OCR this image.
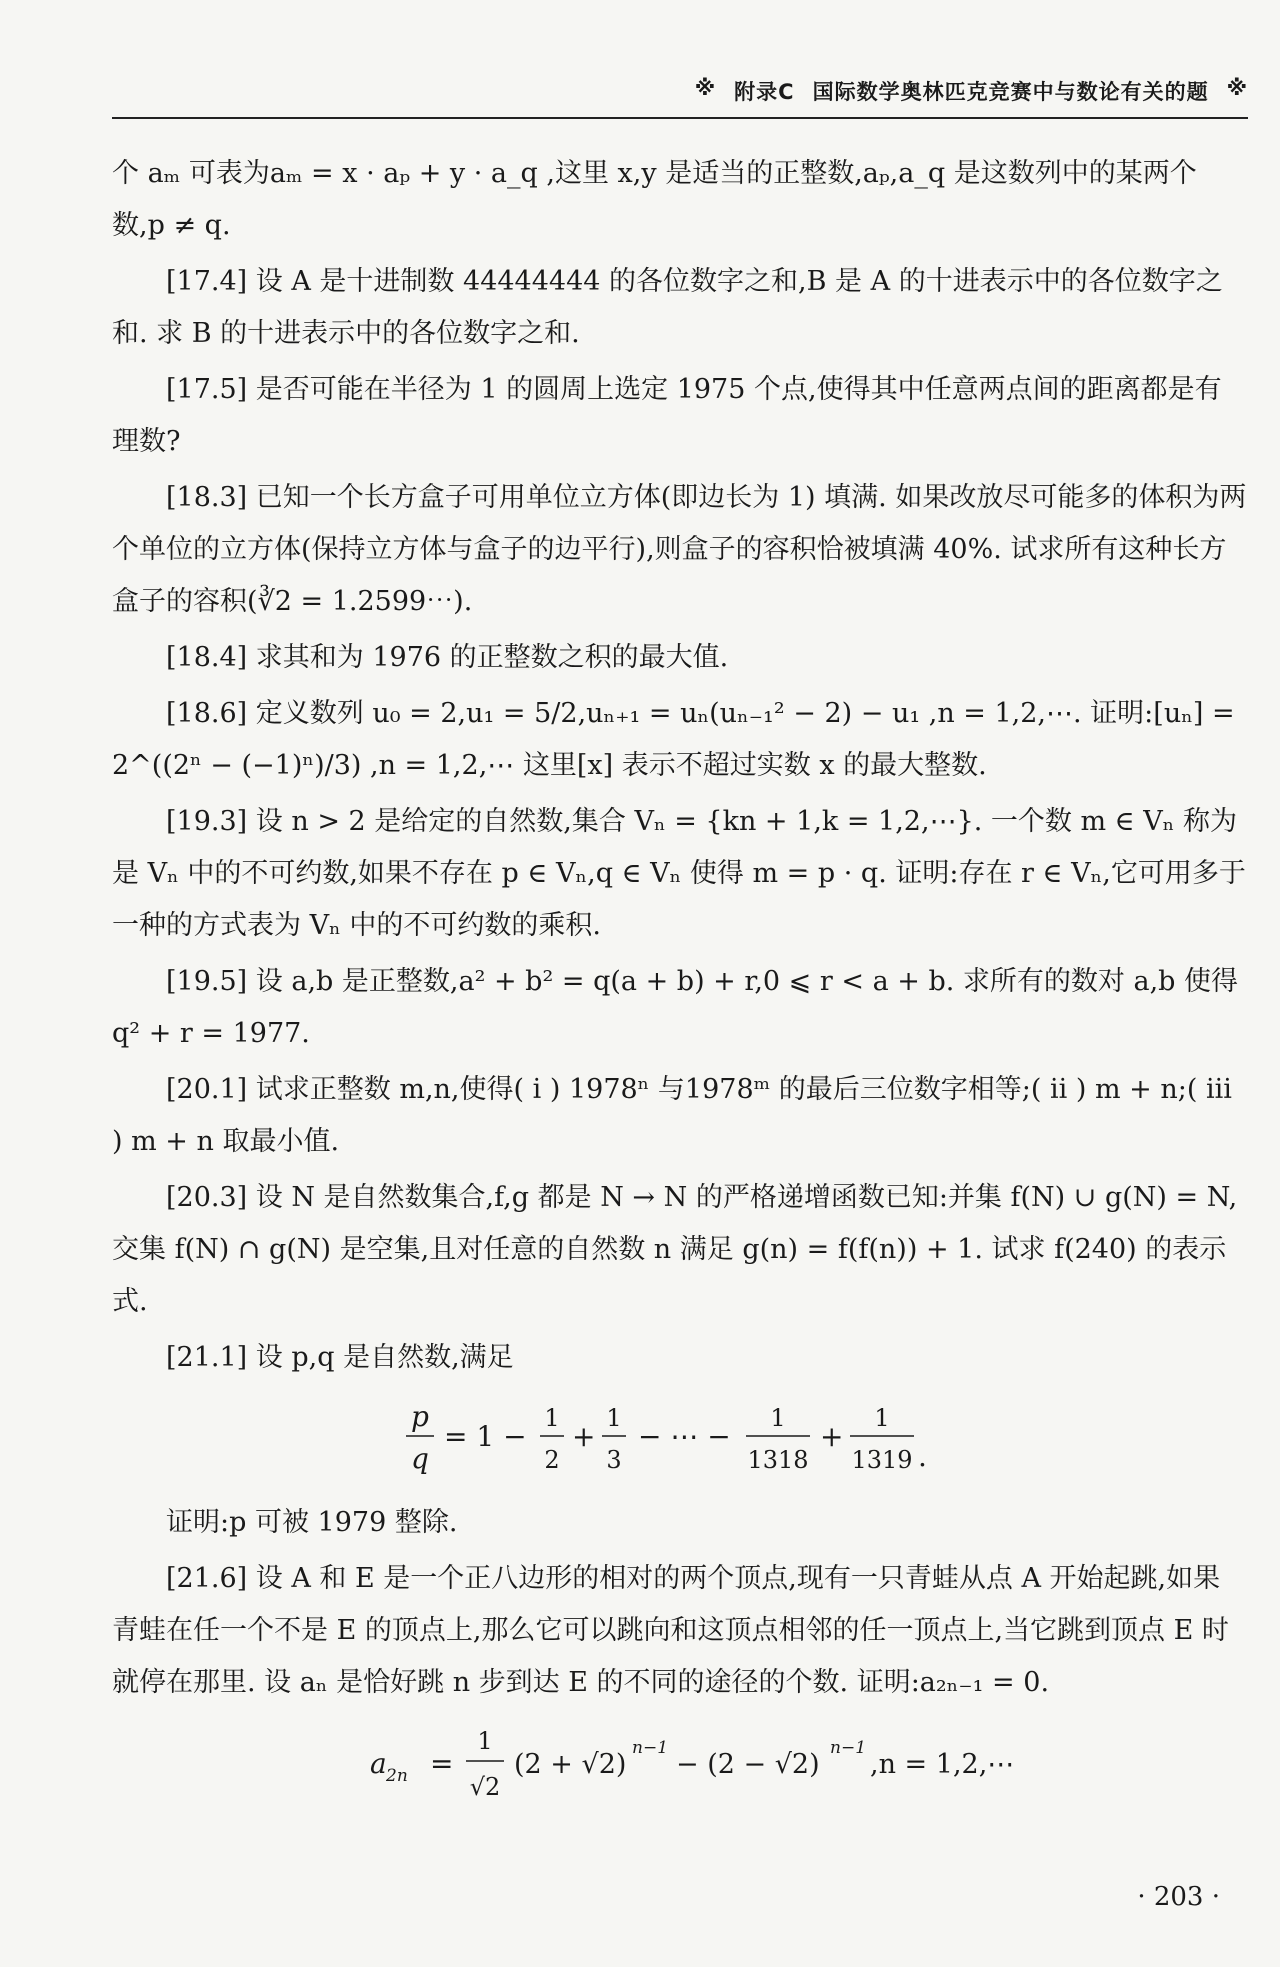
※ 附录C 国际数学奥林匹克竞赛中与数论有关的题 ※

个 aₘ 可表为aₘ = x · aₚ + y · a_q ,这里 x,y 是适当的正整数,aₚ,a_q 是这数列中的某两个数,p ≠ q.

[17.4] 设 A 是十进制数 44444444 的各位数字之和,B 是 A 的十进表示中的各位数字之和. 求 B 的十进表示中的各位数字之和.

[17.5] 是否可能在半径为 1 的圆周上选定 1975 个点,使得其中任意两点间的距离都是有理数?

[18.3] 已知一个长方盒子可用单位立方体(即边长为 1) 填满. 如果改放尽可能多的体积为两个单位的立方体(保持立方体与盒子的边平行),则盒子的容积恰被填满 40%. 试求所有这种长方盒子的容积(∛2 = 1.2599⋯).

[18.4] 求其和为 1976 的正整数之积的最大值.

[18.6] 定义数列 u₀ = 2,u₁ = 5/2,uₙ₊₁ = uₙ(uₙ₋₁² − 2) − u₁ ,n = 1,2,⋯. 证明:[uₙ] = 2^((2ⁿ − (−1)ⁿ)/3) ,n = 1,2,⋯ 这里[x] 表示不超过实数 x 的最大整数.

[19.3] 设 n > 2 是给定的自然数,集合 Vₙ = {kn + 1,k = 1,2,⋯}. 一个数 m ∈ Vₙ 称为是 Vₙ 中的不可约数,如果不存在 p ∈ Vₙ,q ∈ Vₙ 使得 m = p · q. 证明:存在 r ∈ Vₙ,它可用多于一种的方式表为 Vₙ 中的不可约数的乘积.

[19.5] 设 a,b 是正整数,a² + b² = q(a + b) + r,0 ⩽ r < a + b. 求所有的数对 a,b 使得 q² + r = 1977.

[20.1] 试求正整数 m,n,使得( ⅰ ) 1978ⁿ 与1978ᵐ 的最后三位数字相等;( ⅱ ) m + n;( ⅲ ) m + n 取最小值.

[20.3] 设 N 是自然数集合,f,g 都是 N → N 的严格递增函数已知:并集 f(N) ∪ g(N) = N,交集 f(N) ∩ g(N) 是空集,且对任意的自然数 n 满足 g(n) = f(f(n)) + 1. 试求 f(240) 的表示式.

[21.1] 设 p,q 是自然数,满足

p
q
= 1 −
1
2
+
1
3
− ⋯ −
1
1318
+
1
1319 .

证明:p 可被 1979 整除.

[21.6] 设 A 和 E 是一个正八边形的相对的两个顶点,现有一只青蛙从点 A 开始起跳,如果青蛙在任一个不是 E 的顶点上,那么它可以跳向和这顶点相邻的任一顶点上,当它跳到顶点 E 时就停在那里. 设 aₙ 是恰好跳 n 步到达 E 的不同的途径的个数. 证明:a₂ₙ₋₁ = 0.

a 2n =
1
√2
(2 + √2)
n−1
− (2 − √2)
n−1
,n = 1,2,⋯
· 203 ·
